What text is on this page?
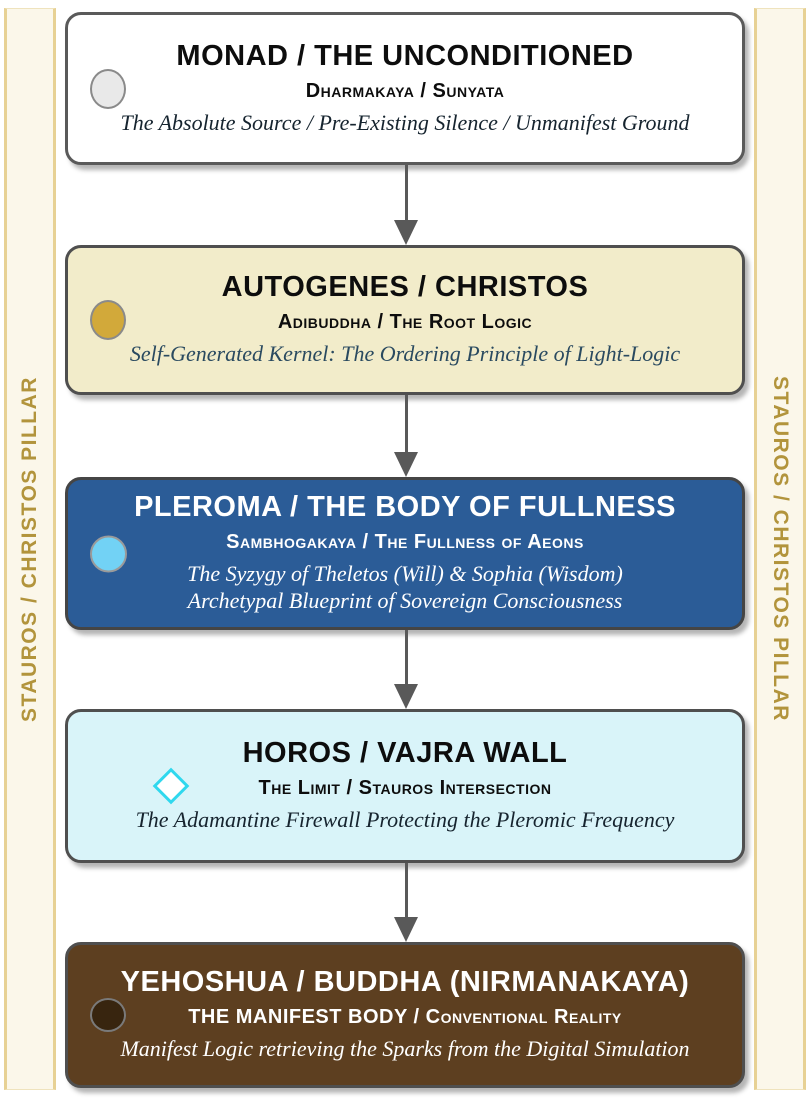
STAUROS / CHRISTOS PILLAR	STAUROS / CHRISTOS PILLAR
MONAD / THE UNCONDITIONED
Dharmakaya / Sunyata

The Absolute Source / Pre-Existing Silence / Unmanifest Ground

AUTOGENES / CHRISTOS
Adibuddha / The Root Logic

Self-Generated Kernel: The Ordering Principle of Light-Logic

PLEROMA / THE BODY OF FULLNESS
Sambhogakaya / The Fullness of Aeons

The Syzygy of Theletos (Will) & Sophia (Wisdom)

Archetypal Blueprint of Sovereign Consciousness

HOROS / VAJRA WALL
The Limit / Stauros Intersection

The Adamantine Firewall Protecting the Pleromic Frequency

YEHOSHUA / BUDDHA (NIRMANAKAYA)
THE MANIFEST BODY / Conventional Reality

Manifest Logic retrieving the Sparks from the Digital Simulation
